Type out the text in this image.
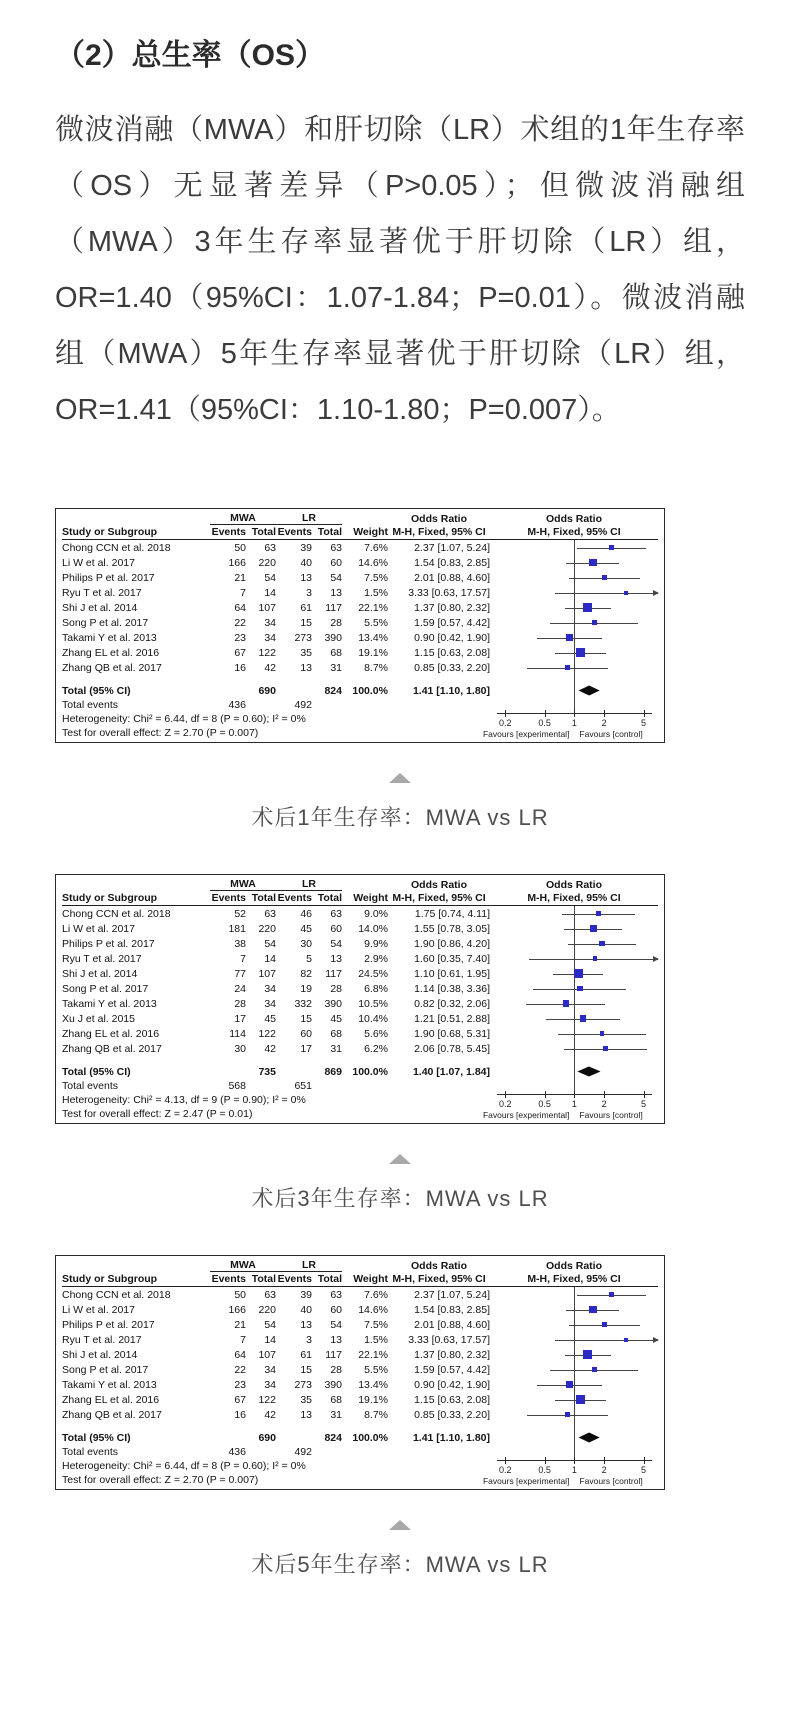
（2）总生率（OS）

微波消融（MWA）和肝切除（LR）术组的1年生存率（OS）无显著差异（P>0.05）；但微波消融组（MWA）3年生存率显著优于肝切除（LR）组，OR=1.40（95%CI：1.07-1.84；P=0.01）。微波消融组（MWA）5年生存率显著优于肝切除（LR）组，OR=1.41（95%CI：1.10-1.80；P=0.007）。

MWA	LR	Odds Ratio	Odds Ratio
Study or Subgroup	Events Total Events Total	Weight M-H, Fixed, 95% CI	M-H, Fixed, 95% CI
Chong CCN et al. 2018	50	63	39	63	7.6%	2.37 [1.07, 5.24]
Li W et al. 2017	166	220	40	60	14.6%	1.54 [0.83, 2.85]
Philips P et al. 2017	21	54	13	54	7.5%	2.01 [0.88, 4.60]
Ryu T et al. 2017	7	14	3	13	1.5%	3.33 [0.63, 17.57]
Shi J et al. 2014	64	107	61	117	22.1%	1.37 [0.80, 2.32]
Song P et al. 2017	22	34	15	28	5.5%	1.59 [0.57, 4.42]
Takami Y et al. 2013	23	34	273	390	13.4%	0.90 [0.42, 1.90]
Zhang EL et al. 2016	67	122	35	68	19.1%	1.15 [0.63, 2.08]
Zhang QB et al. 2017	16	42	13	31	8.7%	0.85 [0.33, 2.20]
Total (95% CI)	690	824 100.0%	1.41 [1.10, 1.80]
Total events	436	492
Heterogeneity: Chi² = 6.44, df = 8 (P = 0.60); I² = 0%
Test for overall effect: Z = 2.70 (P = 0.007)
0.2	0.5 1	2	5
Favours [experimental] Favours [control]
术后1年生存率：MWA vs LR
MWA	LR	Odds Ratio	Odds Ratio
Study or Subgroup	Events Total Events Total	Weight M-H, Fixed, 95% CI	M-H, Fixed, 95% CI
Chong CCN et al. 2018	52	63	46	63	9.0%	1.75 [0.74, 4.11]
Li W et al. 2017	181	220	45	60	14.0%	1.55 [0.78, 3.05]
Philips P et al. 2017	38	54	30	54	9.9%	1.90 [0.86, 4.20]
Ryu T et al. 2017	7	14	5	13	2.9%	1.60 [0.35, 7.40]
Shi J et al. 2014	77	107	82	117	24.5%	1.10 [0.61, 1.95]
Song P et al. 2017	24	34	19	28	6.8%	1.14 [0.38, 3.36]
Takami Y et al. 2013	28	34	332	390	10.5%	0.82 [0.32, 2.06]
Xu J et al. 2015	17	45	15	45	10.4%	1.21 [0.51, 2.88]
Zhang EL et al. 2016	114	122	60	68	5.6%	1.90 [0.68, 5.31]
Zhang QB et al. 2017	30	42	17	31	6.2%	2.06 [0.78, 5.45]
Total (95% CI)	735	869 100.0%	1.40 [1.07, 1.84]
Total events	568	651
Heterogeneity: Chi² = 4.13, df = 9 (P = 0.90); I² = 0%
Test for overall effect: Z = 2.47 (P = 0.01)
0.2	0.5 1	2	5
Favours [experimental] Favours [control]
术后3年生存率：MWA vs LR
MWA	LR	Odds Ratio	Odds Ratio
Study or Subgroup	Events Total Events Total	Weight M-H, Fixed, 95% CI	M-H, Fixed, 95% CI
Chong CCN et al. 2018	50	63	39	63	7.6%	2.37 [1.07, 5.24]
Li W et al. 2017	166	220	40	60	14.6%	1.54 [0.83, 2.85]
Philips P et al. 2017	21	54	13	54	7.5%	2.01 [0.88, 4.60]
Ryu T et al. 2017	7	14	3	13	1.5%	3.33 [0.63, 17.57]
Shi J et al. 2014	64	107	61	117	22.1%	1.37 [0.80, 2.32]
Song P et al. 2017	22	34	15	28	5.5%	1.59 [0.57, 4.42]
Takami Y et al. 2013	23	34	273	390	13.4%	0.90 [0.42, 1.90]
Zhang EL et al. 2016	67	122	35	68	19.1%	1.15 [0.63, 2.08]
Zhang QB et al. 2017	16	42	13	31	8.7%	0.85 [0.33, 2.20]
Total (95% CI)	690	824 100.0%	1.41 [1.10, 1.80]
Total events	436	492
Heterogeneity: Chi² = 6.44, df = 8 (P = 0.60); I² = 0%
Test for overall effect: Z = 2.70 (P = 0.007)
0.2	0.5 1	2	5
Favours [experimental] Favours [control]
术后5年生存率：MWA vs LR
